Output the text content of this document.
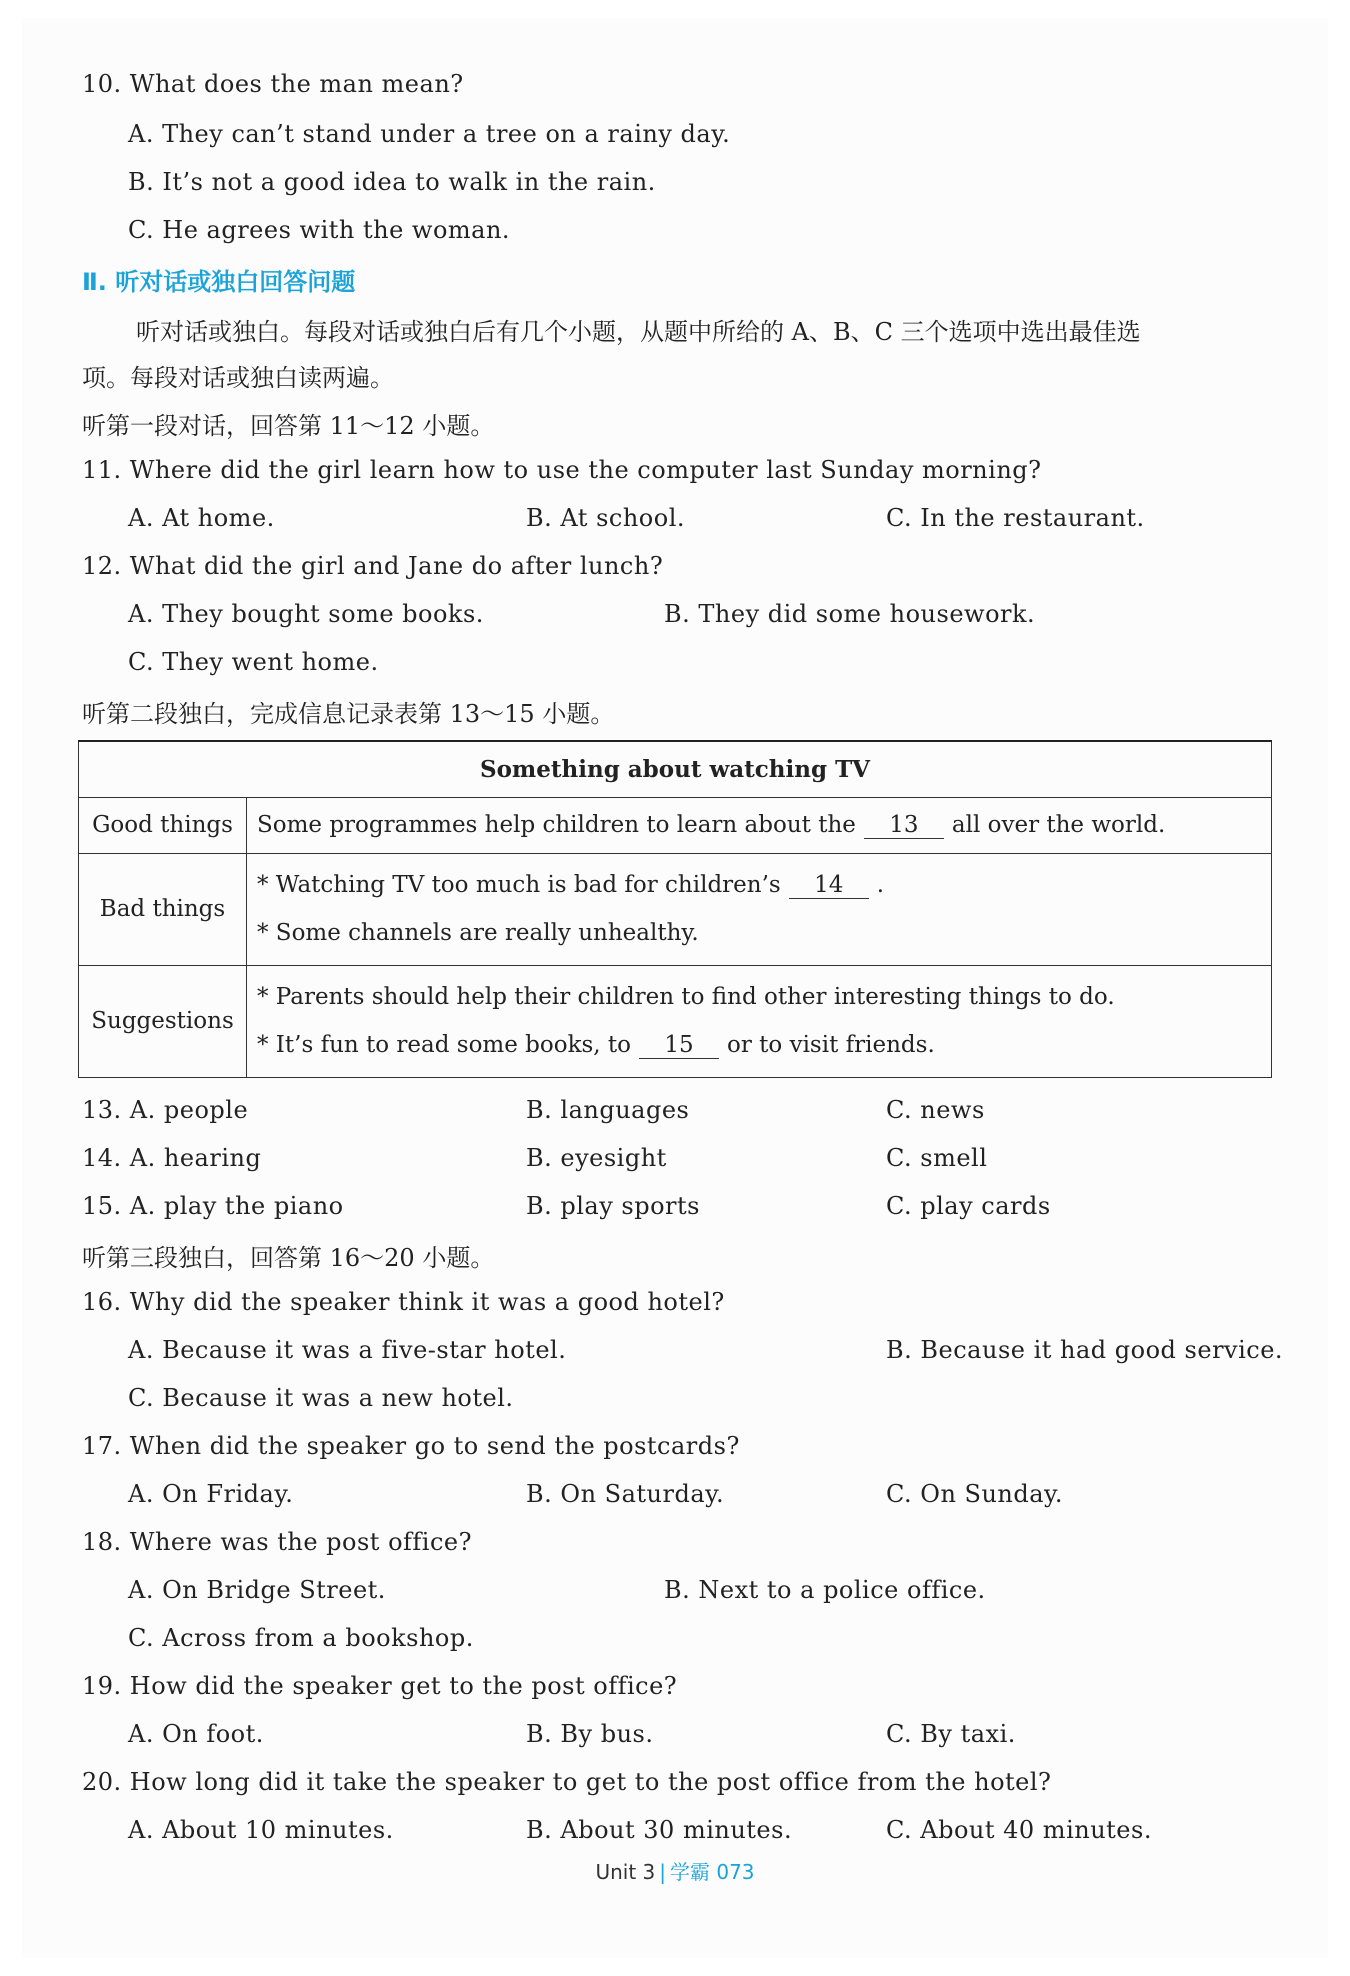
10. What does the man mean?
A. They can’t stand under a tree on a rainy day.
B. It’s not a good idea to walk in the rain.
C. He agrees with the woman.
Ⅱ. 听对话或独白回答问题
听对话或独白。每段对话或独白后有几个小题，从题中所给的 A、B、C 三个选项中选出最佳选
项。每段对话或独白读两遍。
听第一段对话，回答第 11～12 小题。
11. Where did the girl learn how to use the computer last Sunday morning?
A. At home.	B. At school.	C. In the restaurant.
12. What did the girl and Jane do after lunch?
A. They bought some books.	B. They did some housework.
C. They went home.
听第二段独白，完成信息记录表第 13～15 小题。
Something about watching TV	
Good things	Some programmes help children to learn about the 13 all over the world.
Bad things	* Watching TV too much is bad for children’s 14 .
* Some channels are really unhealthy.

Suggestions	* Parents should help their children to find other interesting things to do.
* It’s fun to read some books, to 15 or to visit friends.
13. A. people	B. languages	C. news
14. A. hearing	B. eyesight	C. smell
15. A. play the piano	B. play sports	C. play cards
听第三段独白，回答第 16～20 小题。
16. Why did the speaker think it was a good hotel?
A. Because it was a five-star hotel.	B. Because it had good service.
C. Because it was a new hotel.
17. When did the speaker go to send the postcards?
A. On Friday.	B. On Saturday.	C. On Sunday.
18. Where was the post office?
A. On Bridge Street.	B. Next to a police office.
C. Across from a bookshop.
19. How did the speaker get to the post office?
A. On foot.	B. By bus.	C. By taxi.
20. How long did it take the speaker to get to the post office from the hotel?
A. About 10 minutes.	B. About 30 minutes.	C. About 40 minutes.
Unit 3 | 学霸 073
